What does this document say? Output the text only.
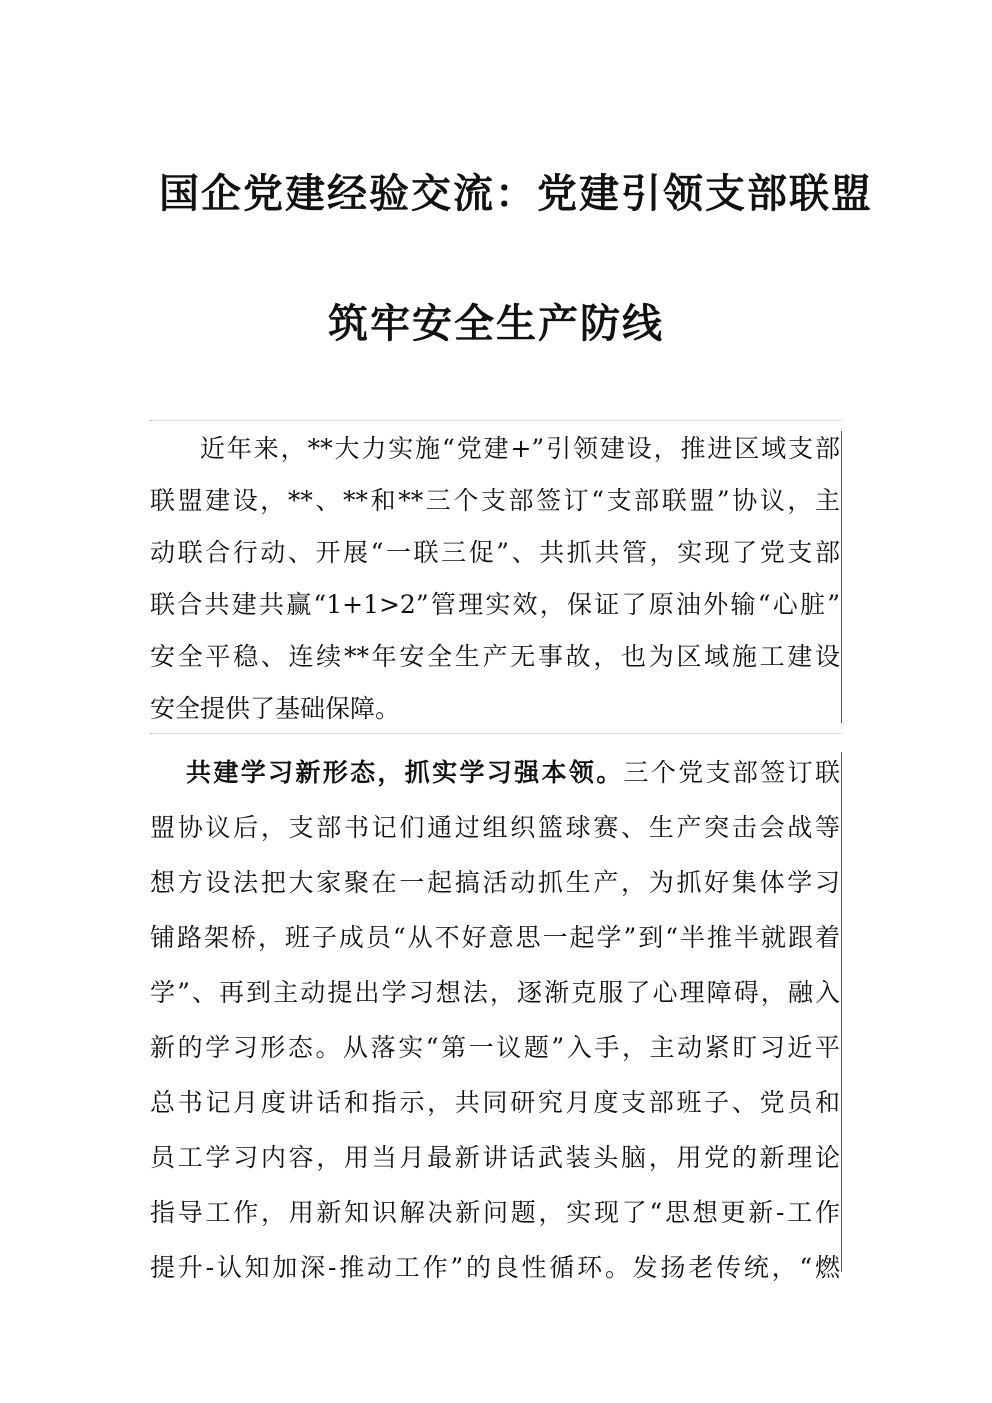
国企党建经验交流：党建引领支部联盟
筑牢安全生产防线
近年来，**大力实施“党建+”引领建设，推进区域支部
联盟建设，**、**和**三个支部签订“支部联盟”协议，主
动联合行动、开展“一联三促”、共抓共管，实现了党支部
联合共建共赢“1+1>2”管理实效，保证了原油外输“心脏”
安全平稳、连续**年安全生产无事故，也为区域施工建设
安全提供了基础保障。
共建学习新形态，抓实学习强本领。三个党支部签订联
盟协议后，支部书记们通过组织篮球赛、生产突击会战等
想方设法把大家聚在一起搞活动抓生产，为抓好集体学习
铺路架桥，班子成员“从不好意思一起学”到“半推半就跟着
学”、再到主动提出学习想法，逐渐克服了心理障碍，融入
新的学习形态。从落实“第一议题”入手，主动紧盯习近平
总书记月度讲话和指示，共同研究月度支部班子、党员和
员工学习内容，用当月最新讲话武装头脑，用党的新理论
指导工作，用新知识解决新问题，实现了“思想更新-工作
提升-认知加深-推动工作”的良性循环。发扬老传统，“燃
